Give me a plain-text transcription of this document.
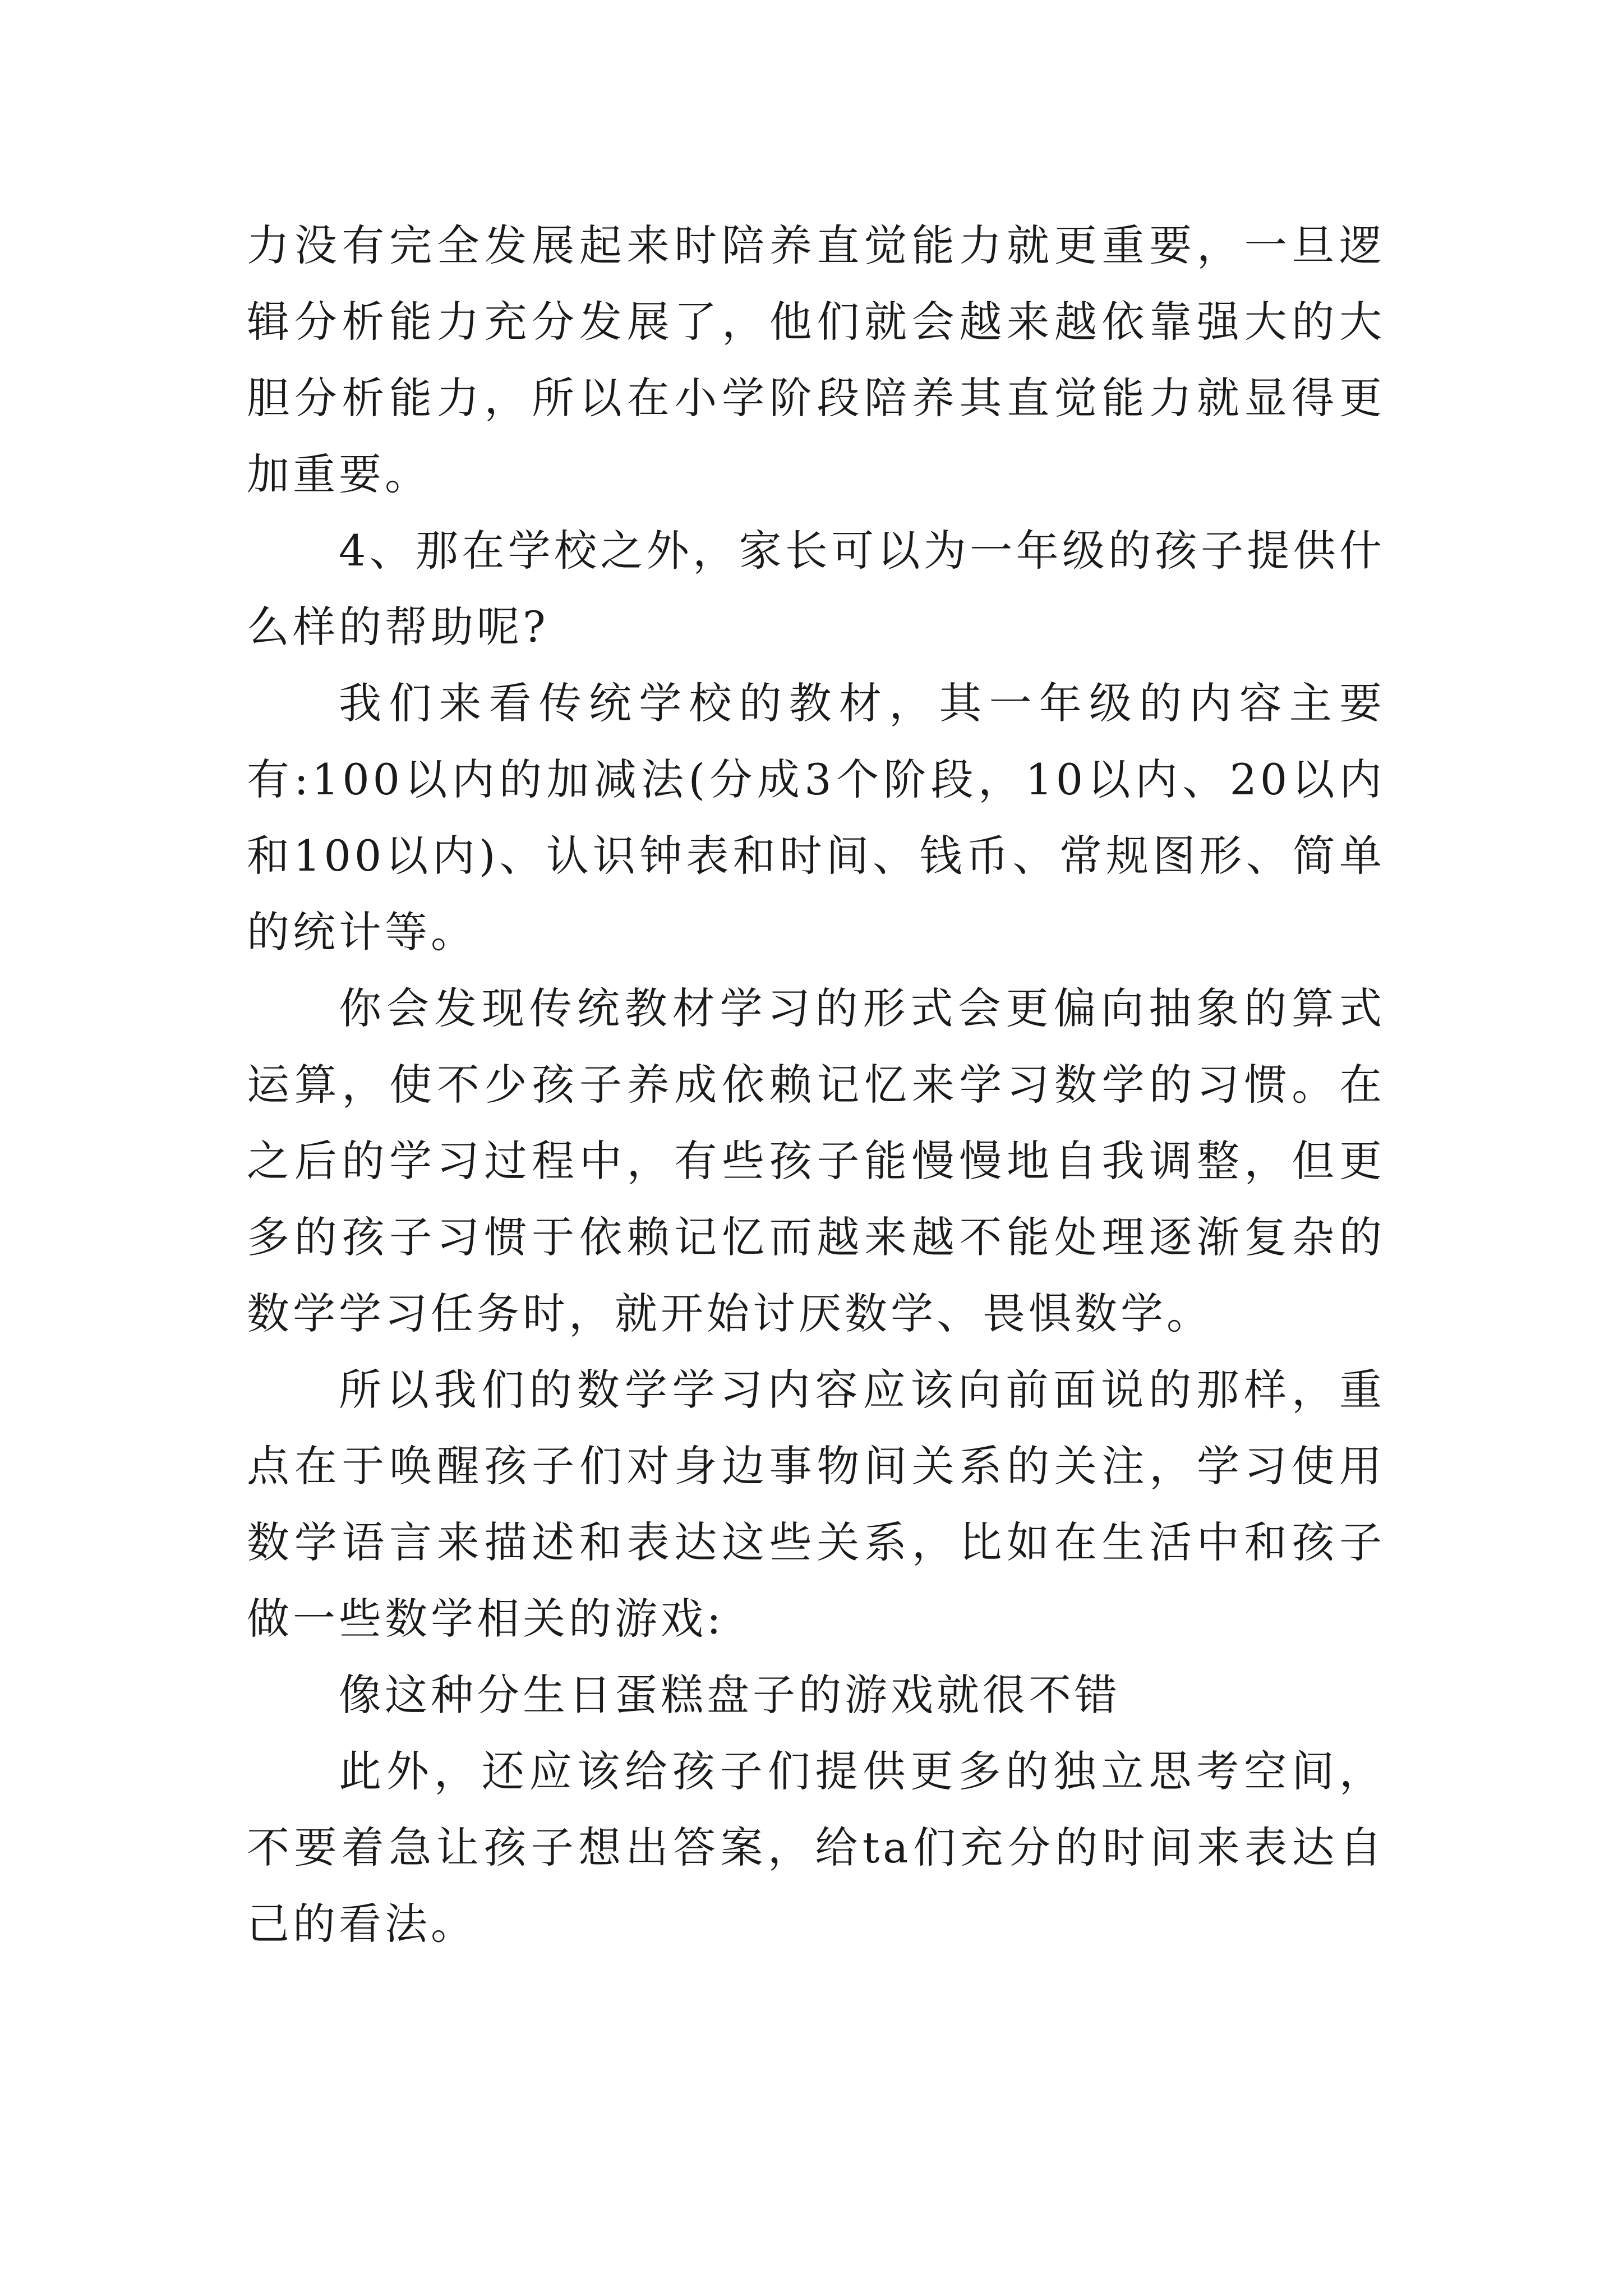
力没有完全发展起来时陪养直觉能力就更重要，一旦逻辑分析能力充分发展了，他们就会越来越依靠强大的大胆分析能力，所以在小学阶段陪养其直觉能力就显得更加重要。

4、那在学校之外，家长可以为一年级的孩子提供什么样的帮助呢?

我们来看传统学校的教材，其一年级的内容主要有:100以内的加减法(分成3个阶段，10以内、20以内和100以内)、认识钟表和时间、钱币、常规图形、简单的统计等。

你会发现传统教材学习的形式会更偏向抽象的算式运算，使不少孩子养成依赖记忆来学习数学的习惯。在之后的学习过程中，有些孩子能慢慢地自我调整，但更多的孩子习惯于依赖记忆而越来越不能处理逐渐复杂的数学学习任务时，就开始讨厌数学、畏惧数学。

所以我们的数学学习内容应该向前面说的那样，重点在于唤醒孩子们对身边事物间关系的关注，学习使用数学语言来描述和表达这些关系，比如在生活中和孩子做一些数学相关的游戏:

像这种分生日蛋糕盘子的游戏就很不错

此外，还应该给孩子们提供更多的独立思考空间，不要着急让孩子想出答案，给ta们充分的时间来表达自己的看法。
